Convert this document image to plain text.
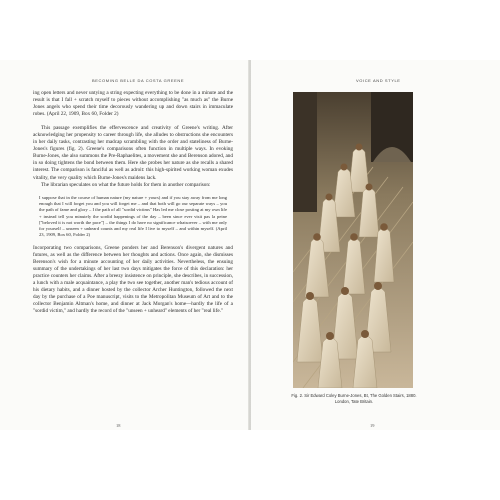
BECOMING BELLE DA COSTA GREENE

ing open letters and never untying a string expecting everything to be done in a minute and the result is that I fall + scratch myself to pieces without accomplishing "as much as" the Burne Jones angels who spend their time decorously wandering up and down stairs in immaculate robes. (April 22, 1909, Box 60, Folder 2)

This passage exemplifies the effervescence and creativity of Greene's writing. After acknowledging her propensity to career through life, she alludes to obstructions she encounters in her daily tasks, contrasting her madcap scrambling with the order and stateliness of Burne-Jones's figures (fig. 2). Greene's comparisons often function in multiple ways. In evoking Burne-Jones, she also summons the Pre-Raphaelites, a movement she and Berenson adored, and in so doing tightens the bond between them. Here she probes her nature as she recalls a shared interest. The comparison is fanciful as well as adroit: this high-spirited working woman exudes vitality, the very quality which Burne-Jones's maidens lack.

The librarian speculates on what the future holds for them in another comparison:

I suppose that in the course of human nature (my nature + yours) and if you stay away from me long enough that I will forget you and you will forget me – and that both will go our separate ways – you the path of fame and glory – I the path of all "sordid victims" Has led me close posting at my own life + instead tell you minutely the sordid happenings of the day – been since ever visit pas la peine ["beloved it is not worth the pace"] – the things I do have no significance whatsoever – with me only for yourself – unseen + unheard counts and my real life I live to myself – and within myself. (April 23, 1909, Box 60, Folder 2)

Incorporating two comparisons, Greene ponders her and Berenson's divergent natures and futures, as well as the difference between her thoughts and actions. Once again, she dismisses Berenson's wish for a minute accounting of her daily activities. Nevertheless, the ensuing summary of the undertakings of her last two days mitigates the force of this declaration: her practice counters her claims. After a breezy insistence on principle, she describes, in succession, a lunch with a male acquaintance, a play the two see together, another man's tedious account of his dietary habits, and a dinner hosted by the collector Archer Huntington, followed the next day by the purchase of a Poe manuscript, visits to the Metropolitan Museum of Art and to the collector Benjamin Altman's home, and dinner at Jack Morgan's home—hardly the life of a "sordid victim," and hardly the record of the "unseen + unheard" elements of her "real life."

18
VOICE AND STYLE
Fig. 2. Sir Edward Coley Burne-Jones, Bt, The Golden Stairs, 1880. London, Tate Britain.
19
